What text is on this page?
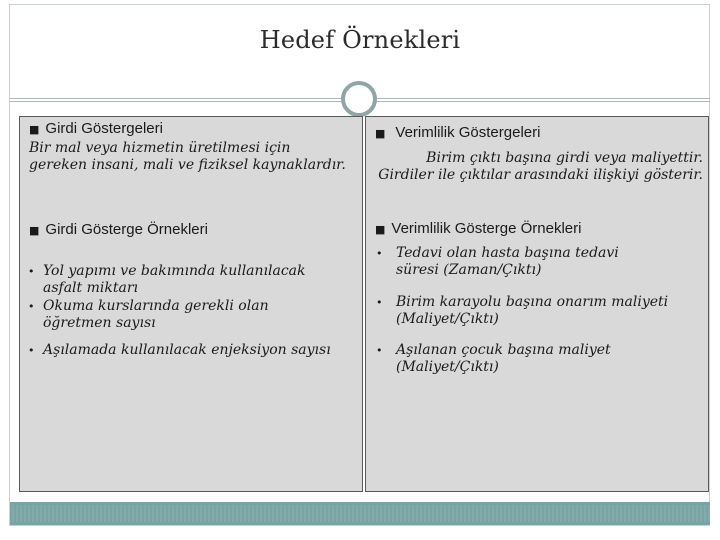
Hedef Örnekleri
■ Girdi Göstergeleri
Bir mal veya hizmetin üretilmesi için gereken insani, mali ve fiziksel kaynaklardır.
■ Girdi Gösterge Örnekleri
• Yol yapımı ve bakımında kullanılacak asfalt miktarı
• Okuma kurslarında gerekli olan öğretmen sayısı
• Aşılamada kullanılacak enjeksiyon sayısı
■ Verimlilik Göstergeleri
Birim çıktı başına girdi veya maliyettir. Girdiler ile çıktılar arasındaki ilişkiyi gösterir.
■ Verimlilik Gösterge Örnekleri
• Tedavi olan hasta başına tedavi süresi (Zaman/Çıktı)
• Birim karayolu başına onarım maliyeti (Maliyet/Çıktı)
• Aşılanan çocuk başına maliyet (Maliyet/Çıktı)
